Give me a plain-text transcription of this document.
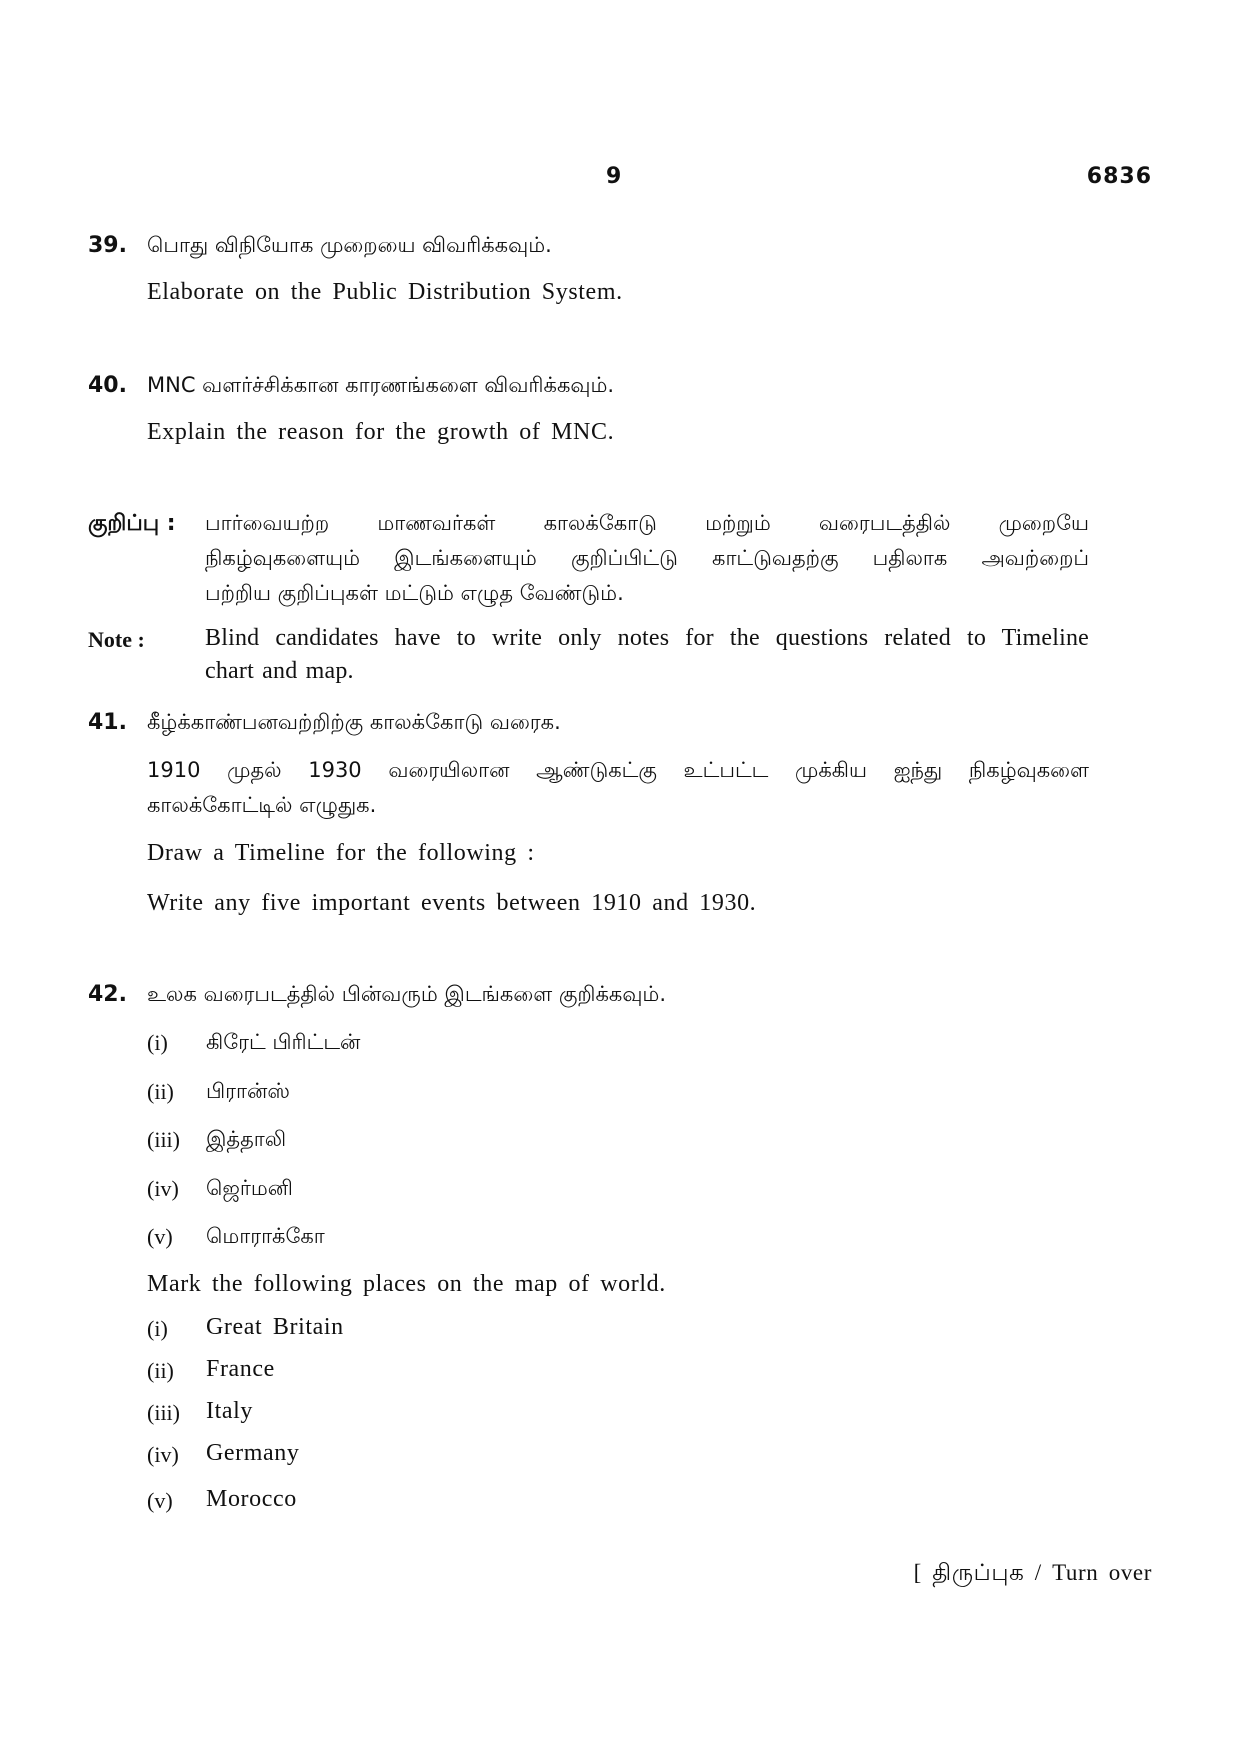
9	6836
39. பொது விநியோக முறையை விவரிக்கவும்.
Elaborate on the Public Distribution System.
40. MNC வளர்ச்சிக்கான காரணங்களை விவரிக்கவும்.
Explain the reason for the growth of MNC.
குறிப்பு : பார்வையற்ற மாணவர்கள் காலக்கோடு மற்றும் வரைபடத்தில் முறையே
நிகழ்வுகளையும் இடங்களையும் குறிப்பிட்டு காட்டுவதற்கு பதிலாக அவற்றைப்
பற்றிய குறிப்புகள் மட்டும் எழுத வேண்டும்.
Note :	Blind candidates have to write only notes for the questions related to Timeline
chart and map.
41. கீழ்க்காண்பனவற்றிற்கு காலக்கோடு வரைக.
1910 முதல் 1930 வரையிலான ஆண்டுகட்கு உட்பட்ட முக்கிய ஐந்து நிகழ்வுகளை
காலக்கோட்டில் எழுதுக.
Draw a Timeline for the following :
Write any five important events between 1910 and 1930.
42. உலக வரைபடத்தில் பின்வரும் இடங்களை குறிக்கவும்.
(i) கிரேட் பிரிட்டன்
(ii) பிரான்ஸ்
(iii) இத்தாலி
(iv) ஜெர்மனி
(v) மொராக்கோ
Mark the following places on the map of world.
(i) Great Britain
(ii) France
(iii) Italy
(iv) Germany
(v) Morocco
[ திருப்புக / Turn over
